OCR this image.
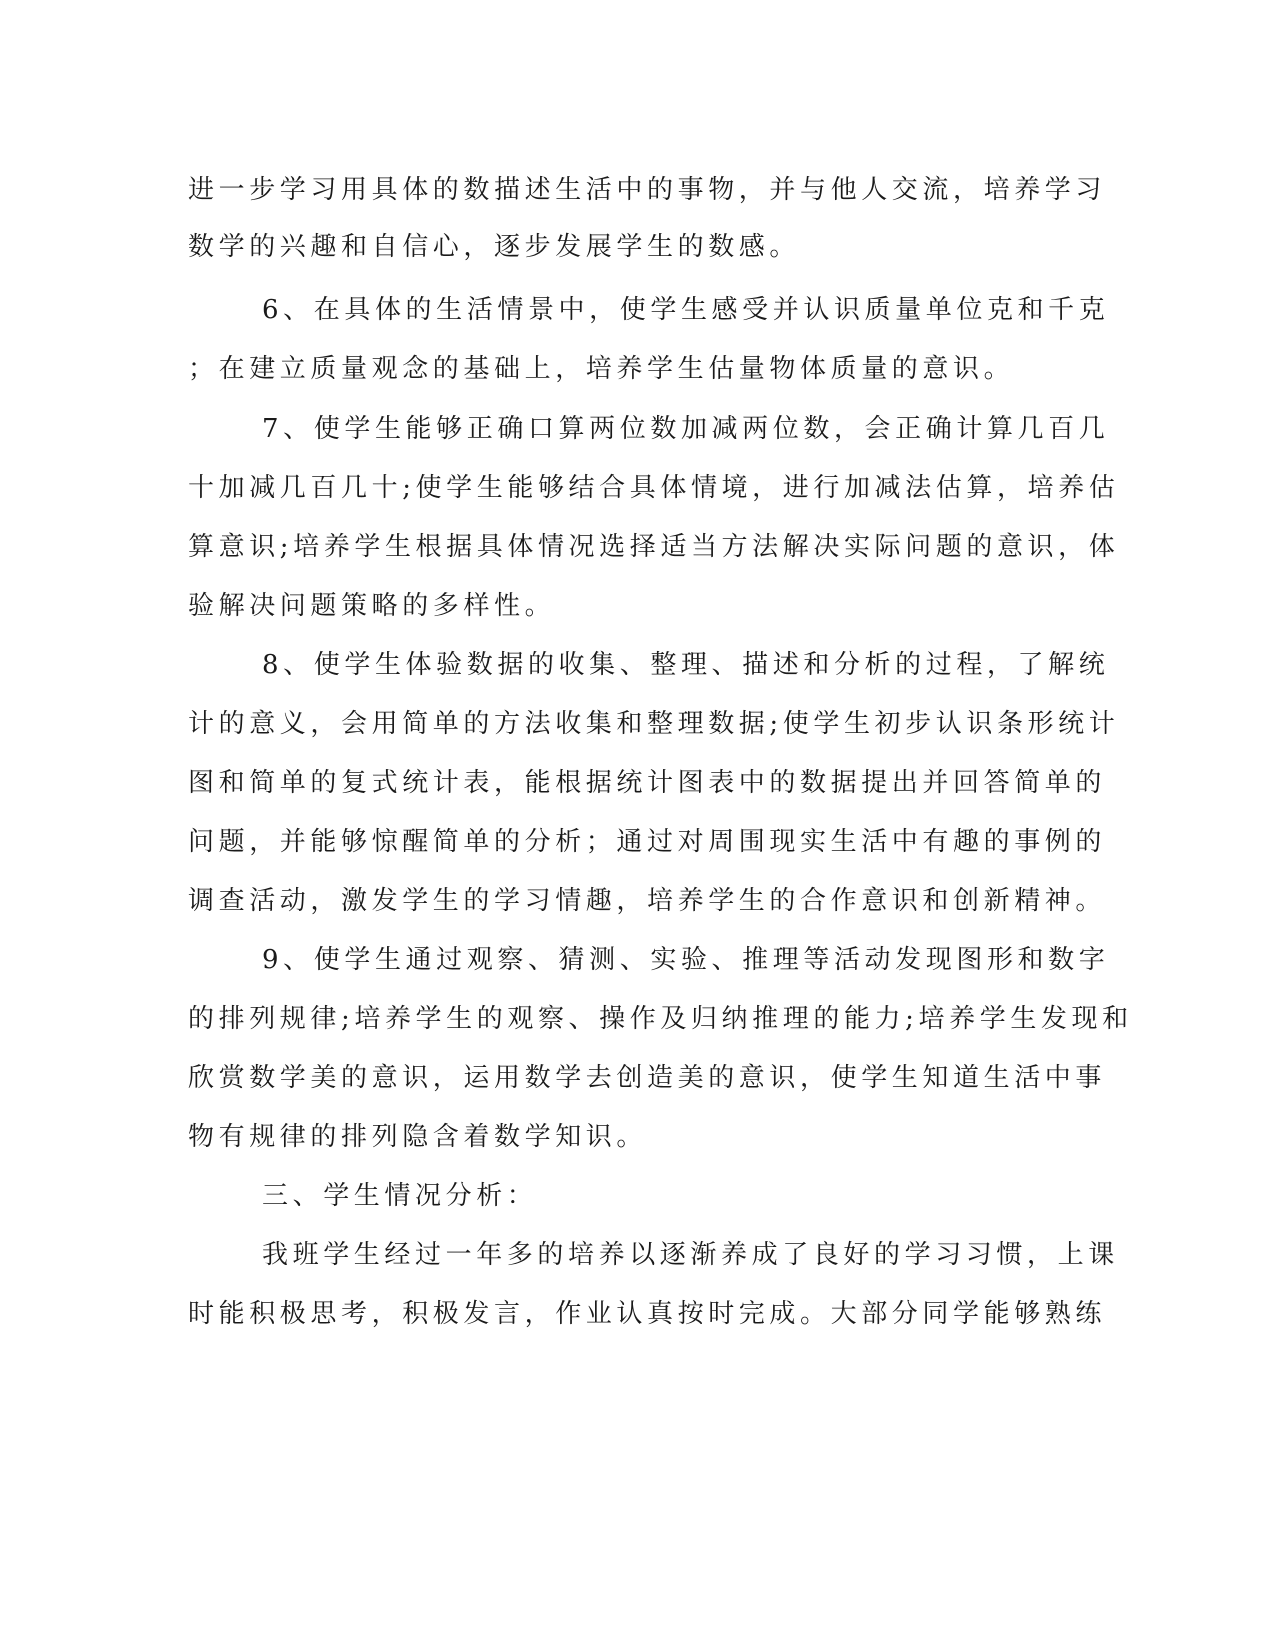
进一步学习用具体的数描述生活中的事物，并与他人交流，培养学习
数学的兴趣和自信心，逐步发展学生的数感。
6、在具体的生活情景中，使学生感受并认识质量单位克和千克
；在建立质量观念的基础上，培养学生估量物体质量的意识。
7、使学生能够正确口算两位数加减两位数，会正确计算几百几
十加减几百几十;使学生能够结合具体情境，进行加减法估算，培养估
算意识;培养学生根据具体情况选择适当方法解决实际问题的意识，体
验解决问题策略的多样性。
8、使学生体验数据的收集、整理、描述和分析的过程，了解统
计的意义，会用简单的方法收集和整理数据;使学生初步认识条形统计
图和简单的复式统计表，能根据统计图表中的数据提出并回答简单的
问题，并能够惊醒简单的分析；通过对周围现实生活中有趣的事例的
调查活动，激发学生的学习情趣，培养学生的合作意识和创新精神。
9、使学生通过观察、猜测、实验、推理等活动发现图形和数字
的排列规律;培养学生的观察、操作及归纳推理的能力;培养学生发现和
欣赏数学美的意识，运用数学去创造美的意识，使学生知道生活中事
物有规律的排列隐含着数学知识。
三、学生情况分析：
我班学生经过一年多的培养以逐渐养成了良好的学习习惯，上课
时能积极思考，积极发言，作业认真按时完成。大部分同学能够熟练
